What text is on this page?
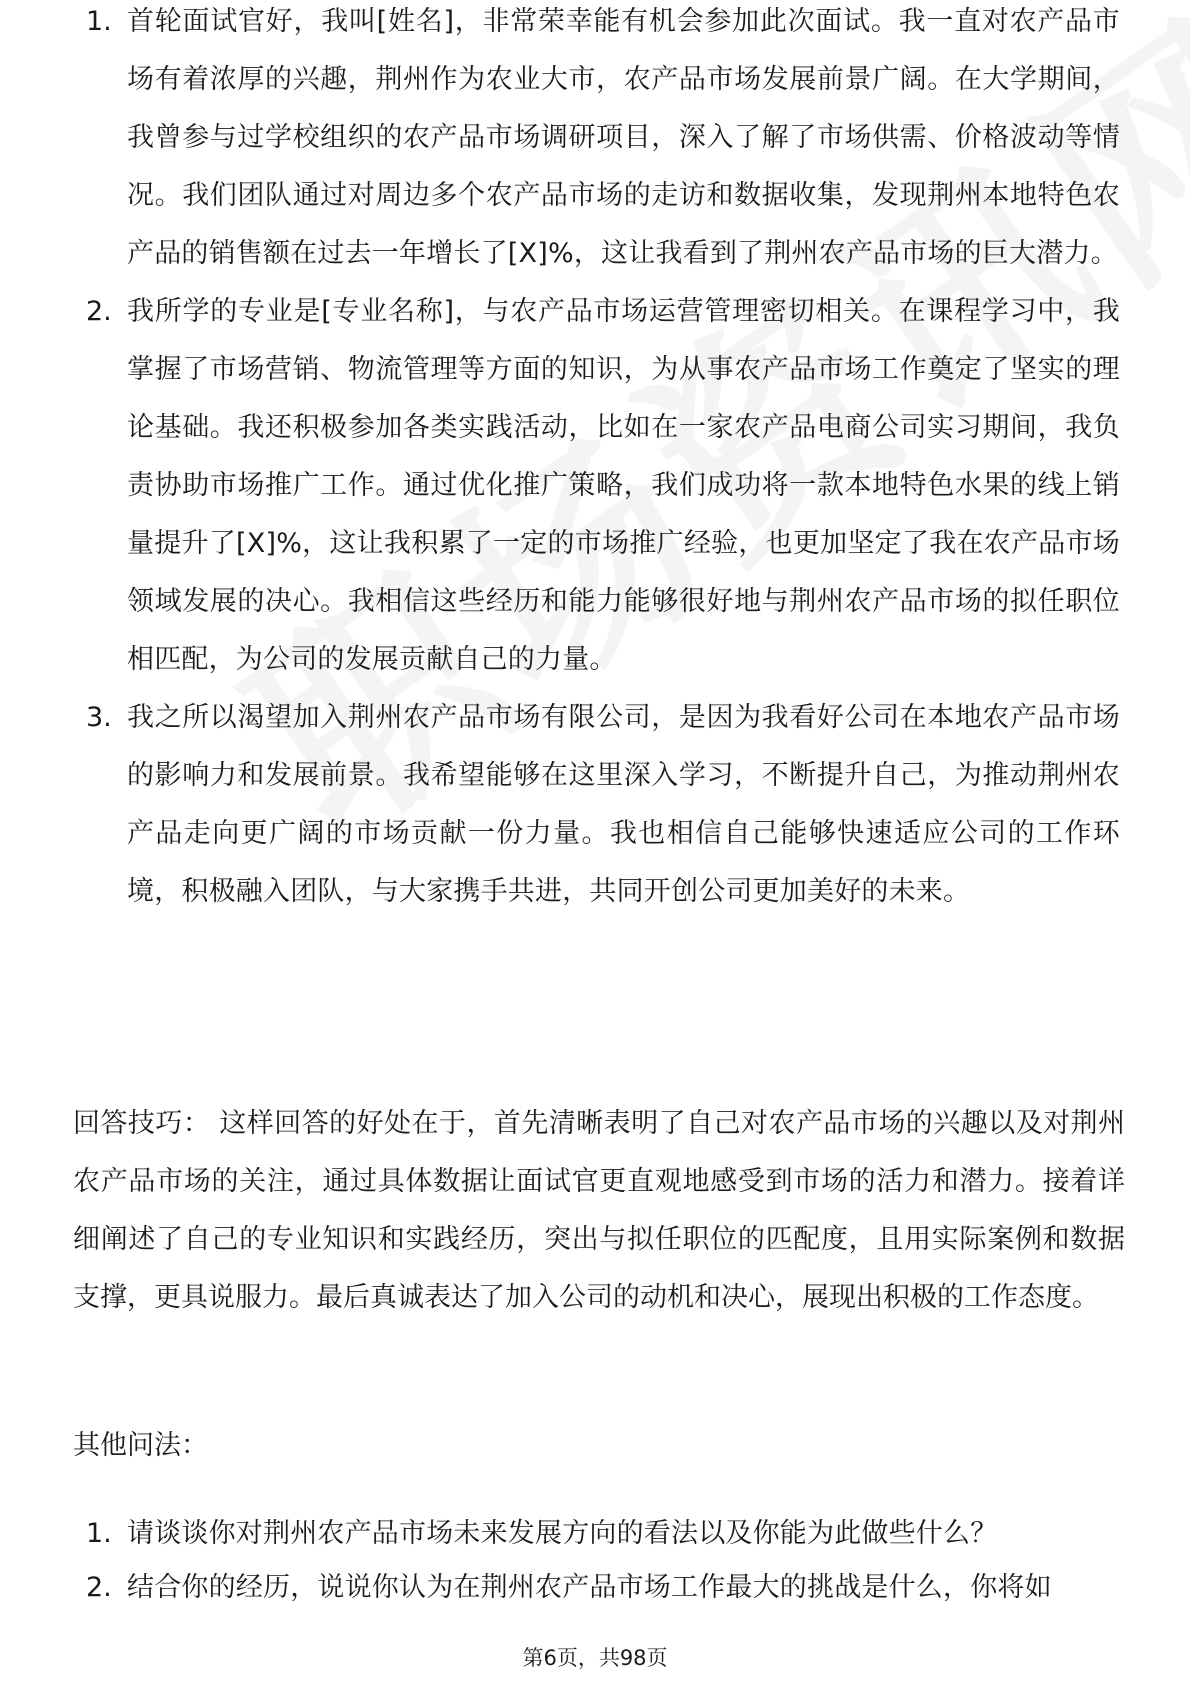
1. 首轮面试官好，我叫[姓名]，非常荣幸能有机会参加此次面试。我一直对农产品市场有着浓厚的兴趣，荆州作为农业大市，农产品市场发展前景广阔。在大学期间，我曾参与过学校组织的农产品市场调研项目，深入了解了市场供需、价格波动等情况。我们团队通过对周边多个农产品市场的走访和数据收集，发现荆州本地特色农产品的销售额在过去一年增长了[X]%，这让我看到了荆州农产品市场的巨大潜力。
2. 我所学的专业是[专业名称]，与农产品市场运营管理密切相关。在课程学习中，我掌握了市场营销、物流管理等方面的知识，为从事农产品市场工作奠定了坚实的理论基础。我还积极参加各类实践活动，比如在一家农产品电商公司实习期间，我负责协助市场推广工作。通过优化推广策略，我们成功将一款本地特色水果的线上销量提升了[X]%，这让我积累了一定的市场推广经验，也更加坚定了我在农产品市场领域发展的决心。我相信这些经历和能力能够很好地与荆州农产品市场的拟任职位相匹配，为公司的发展贡献自己的力量。
3. 我之所以渴望加入荆州农产品市场有限公司，是因为我看好公司在本地农产品市场的影响力和发展前景。我希望能够在这里深入学习，不断提升自己，为推动荆州农产品走向更广阔的市场贡献一份力量。我也相信自己能够快速适应公司的工作环境，积极融入团队，与大家携手共进，共同开创公司更加美好的未来。
回答技巧： 这样回答的好处在于，首先清晰表明了自己对农产品市场的兴趣以及对荆州农产品市场的关注，通过具体数据让面试官更直观地感受到市场的活力和潜力。接着详细阐述了自己的专业知识和实践经历，突出与拟任职位的匹配度，且用实际案例和数据支撑，更具说服力。最后真诚表达了加入公司的动机和决心，展现出积极的工作态度。
其他问法：
1. 请谈谈你对荆州农产品市场未来发展方向的看法以及你能为此做些什么？
2. 结合你的经历，说说你认为在荆州农产品市场工作最大的挑战是什么，你将如
第6页，共98页
